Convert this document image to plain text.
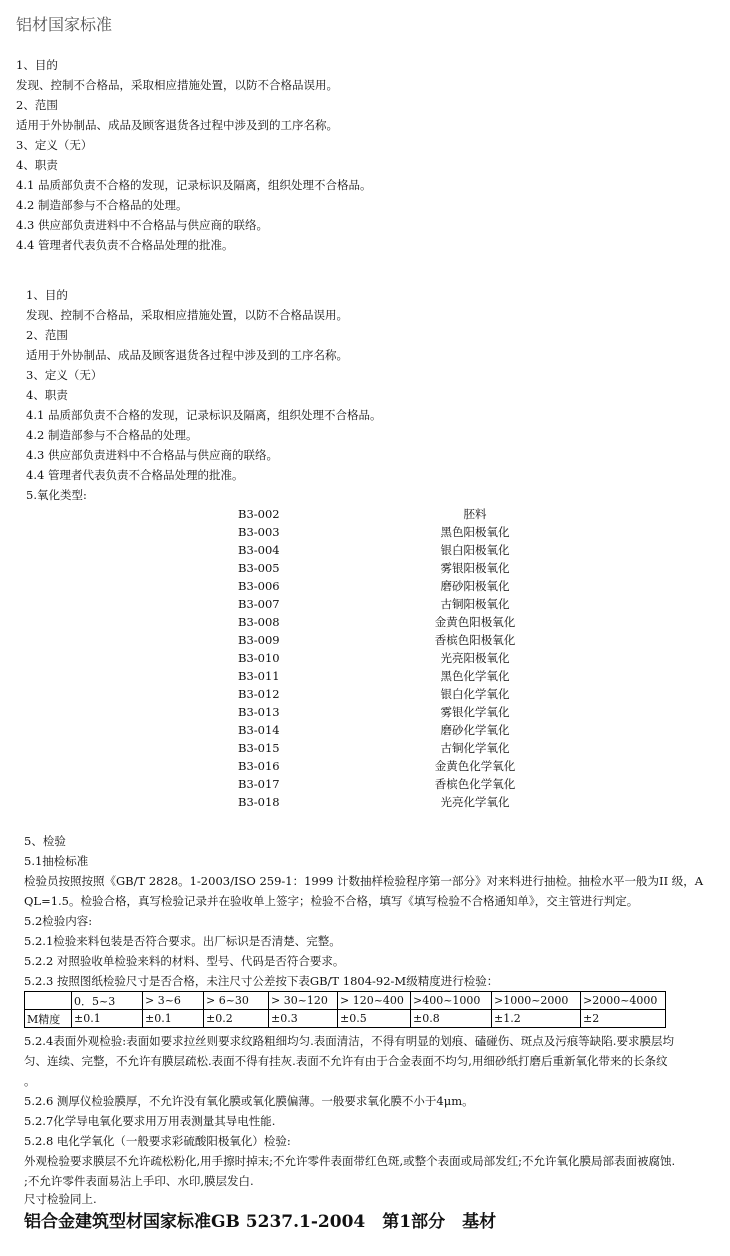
铝材国家标准
1、目的
发现、控制不合格品，采取相应措施处置，以防不合格品误用。
2、范围
适用于外协制品、成品及顾客退货各过程中涉及到的工序名称。
3、定义（无）
4、职责
4.1 品质部负责不合格的发现，记录标识及隔离，组织处理不合格品。
4.2 制造部参与不合格品的处理。
4.3 供应部负责进料中不合格品与供应商的联络。
4.4 管理者代表负责不合格品处理的批准。
1、目的
发现、控制不合格品，采取相应措施处置，以防不合格品误用。
2、范围
适用于外协制品、成品及顾客退货各过程中涉及到的工序名称。
3、定义（无）
4、职责
4.1 品质部负责不合格的发现，记录标识及隔离，组织处理不合格品。
4.2 制造部参与不合格品的处理。
4.3 供应部负责进料中不合格品与供应商的联络。
4.4 管理者代表负责不合格品处理的批准。
5.氧化类型:
B3-002	胚料
B3-003	黑色阳极氧化
B3-004	银白阳极氧化
B3-005	雾银阳极氧化
B3-006	磨砂阳极氧化
B3-007	古铜阳极氧化
B3-008	金黄色阳极氧化
B3-009	香槟色阳极氧化
B3-010	光亮阳极氧化
B3-011	黑色化学氧化
B3-012	银白化学氧化
B3-013	雾银化学氧化
B3-014	磨砂化学氧化
B3-015	古铜化学氧化
B3-016	金黄色化学氧化
B3-017	香槟色化学氧化
B3-018	光亮化学氧化
5、检验
5.1抽检标准
检验员按照按照《GB/T 2828。1-2003/ISO 259-1：1999 计数抽样检验程序第一部分》对来料进行抽检。抽检水平一般为II 级，A
QL=1.5。检验合格，真写检验记录并在验收单上签字；检验不合格，填写《填写检验不合格通知单》，交主管进行判定。
5.2检验内容:
5.2.1检验来料包装是否符合要求。出厂标识是否清楚、完整。
5.2.2 对照验收单检验来料的材料、型号、代码是否符合要求。
5.2.3 按照图纸检验尺寸是否合格，未注尺寸公差按下表GB/T 1804-92-M级精度进行检验：
	0．5~3	> 3~6	> 6~30	> 30~120	> 120~400	>400~1000	>1000~2000	>2000~4000
M精度	±0.1	±0.1	±0.2	±0.3	±0.5	±0.8	±1.2	±2
5.2.4表面外观检验:表面如要求拉丝则要求纹路粗细均匀.表面清洁，不得有明显的划痕、磕碰伤、斑点及污痕等缺陷.要求膜层均
匀、连续、完整，不允许有膜层疏松.表面不得有挂灰.表面不允许有由于合金表面不均匀,用细砂纸打磨后重新氧化带来的长条纹
。
5.2.6 测厚仪检验膜厚，不允许没有氧化膜或氧化膜偏薄。一般要求氧化膜不小于4μm。
5.2.7化学导电氧化要求用万用表测量其导电性能.
5.2.8 电化学氧化（一般要求彩硫酸阳极氧化）检验:
外观检验要求膜层不允许疏松粉化,用手擦时掉末;不允许零件表面带红色斑,或整个表面或局部发红;不允许氧化膜局部表面被腐蚀.
;不允许零件表面易沾上手印、水印,膜层发白.
尺寸检验同上.
铝合金建筑型材国家标准GB 5237.1-2004　第1部分　基材
